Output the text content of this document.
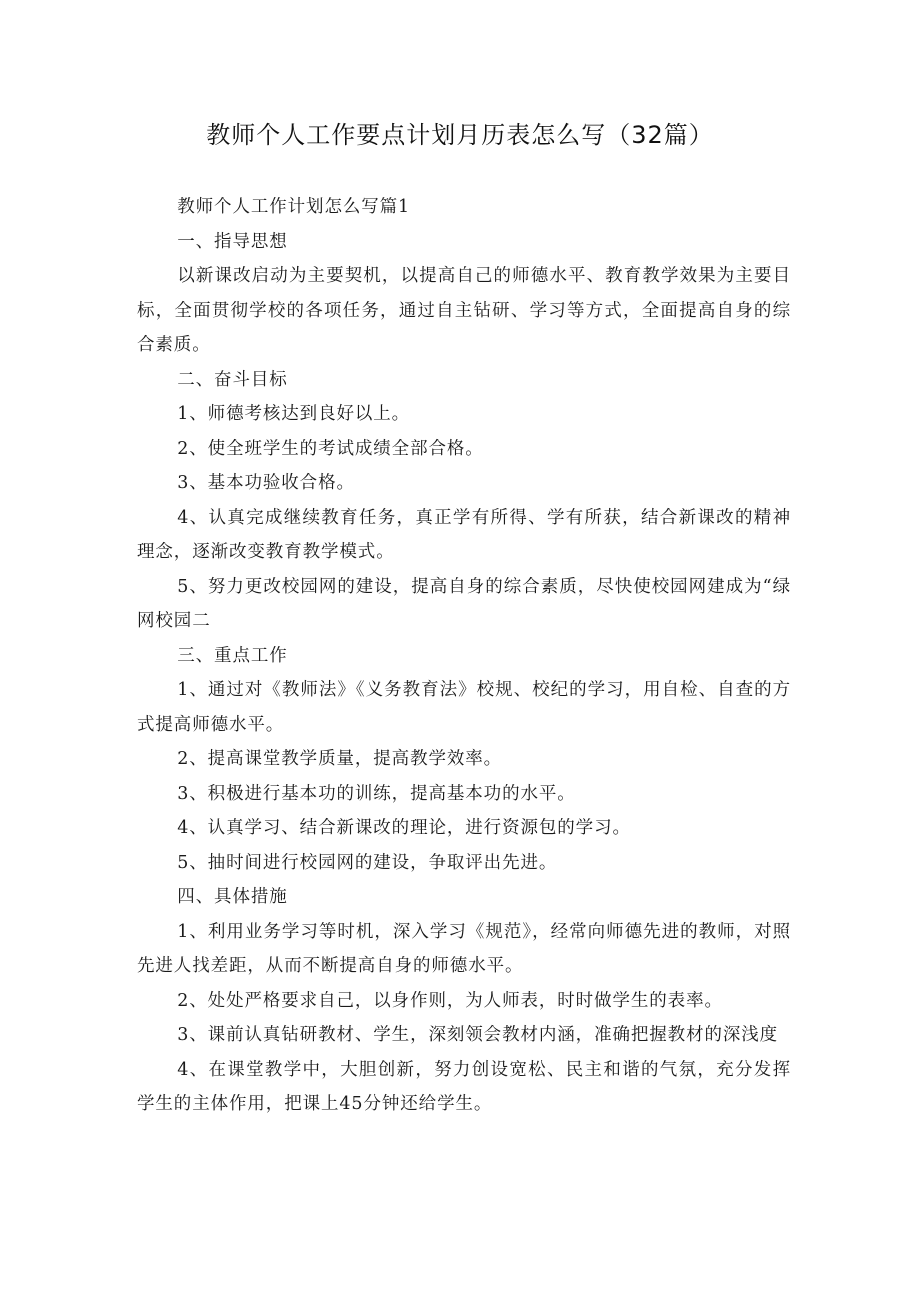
教师个人工作要点计划月历表怎么写（32篇）

教师个人工作计划怎么写篇1

一、指导思想

以新课改启动为主要契机，以提高自己的师德水平、教育教学效果为主要目标，全面贯彻学校的各项任务，通过自主钻研、学习等方式，全面提高自身的综合素质。

二、奋斗目标

1、师德考核达到良好以上。

2、使全班学生的考试成绩全部合格。

3、基本功验收合格。

4、认真完成继续教育任务，真正学有所得、学有所获，结合新课改的精神理念，逐渐改变教育教学模式。

5、努力更改校园网的建设，提高自身的综合素质，尽快使校园网建成为“绿网校园二

三、重点工作

1、通过对《教师法》《义务教育法》校规、校纪的学习，用自检、自查的方式提高师德水平。

2、提高课堂教学质量，提高教学效率。

3、积极进行基本功的训练，提高基本功的水平。

4、认真学习、结合新课改的理论，进行资源包的学习。

5、抽时间进行校园网的建设，争取评出先进。

四、具体措施

1、利用业务学习等时机，深入学习《规范》，经常向师德先进的教师，对照先进人找差距，从而不断提高自身的师德水平。

2、处处严格要求自己，以身作则，为人师表，时时做学生的表率。

3、课前认真钻研教材、学生，深刻领会教材内涵，准确把握教材的深浅度

4、在课堂教学中，大胆创新，努力创设宽松、民主和谐的气氛，充分发挥学生的主体作用，把课上45分钟还给学生。
